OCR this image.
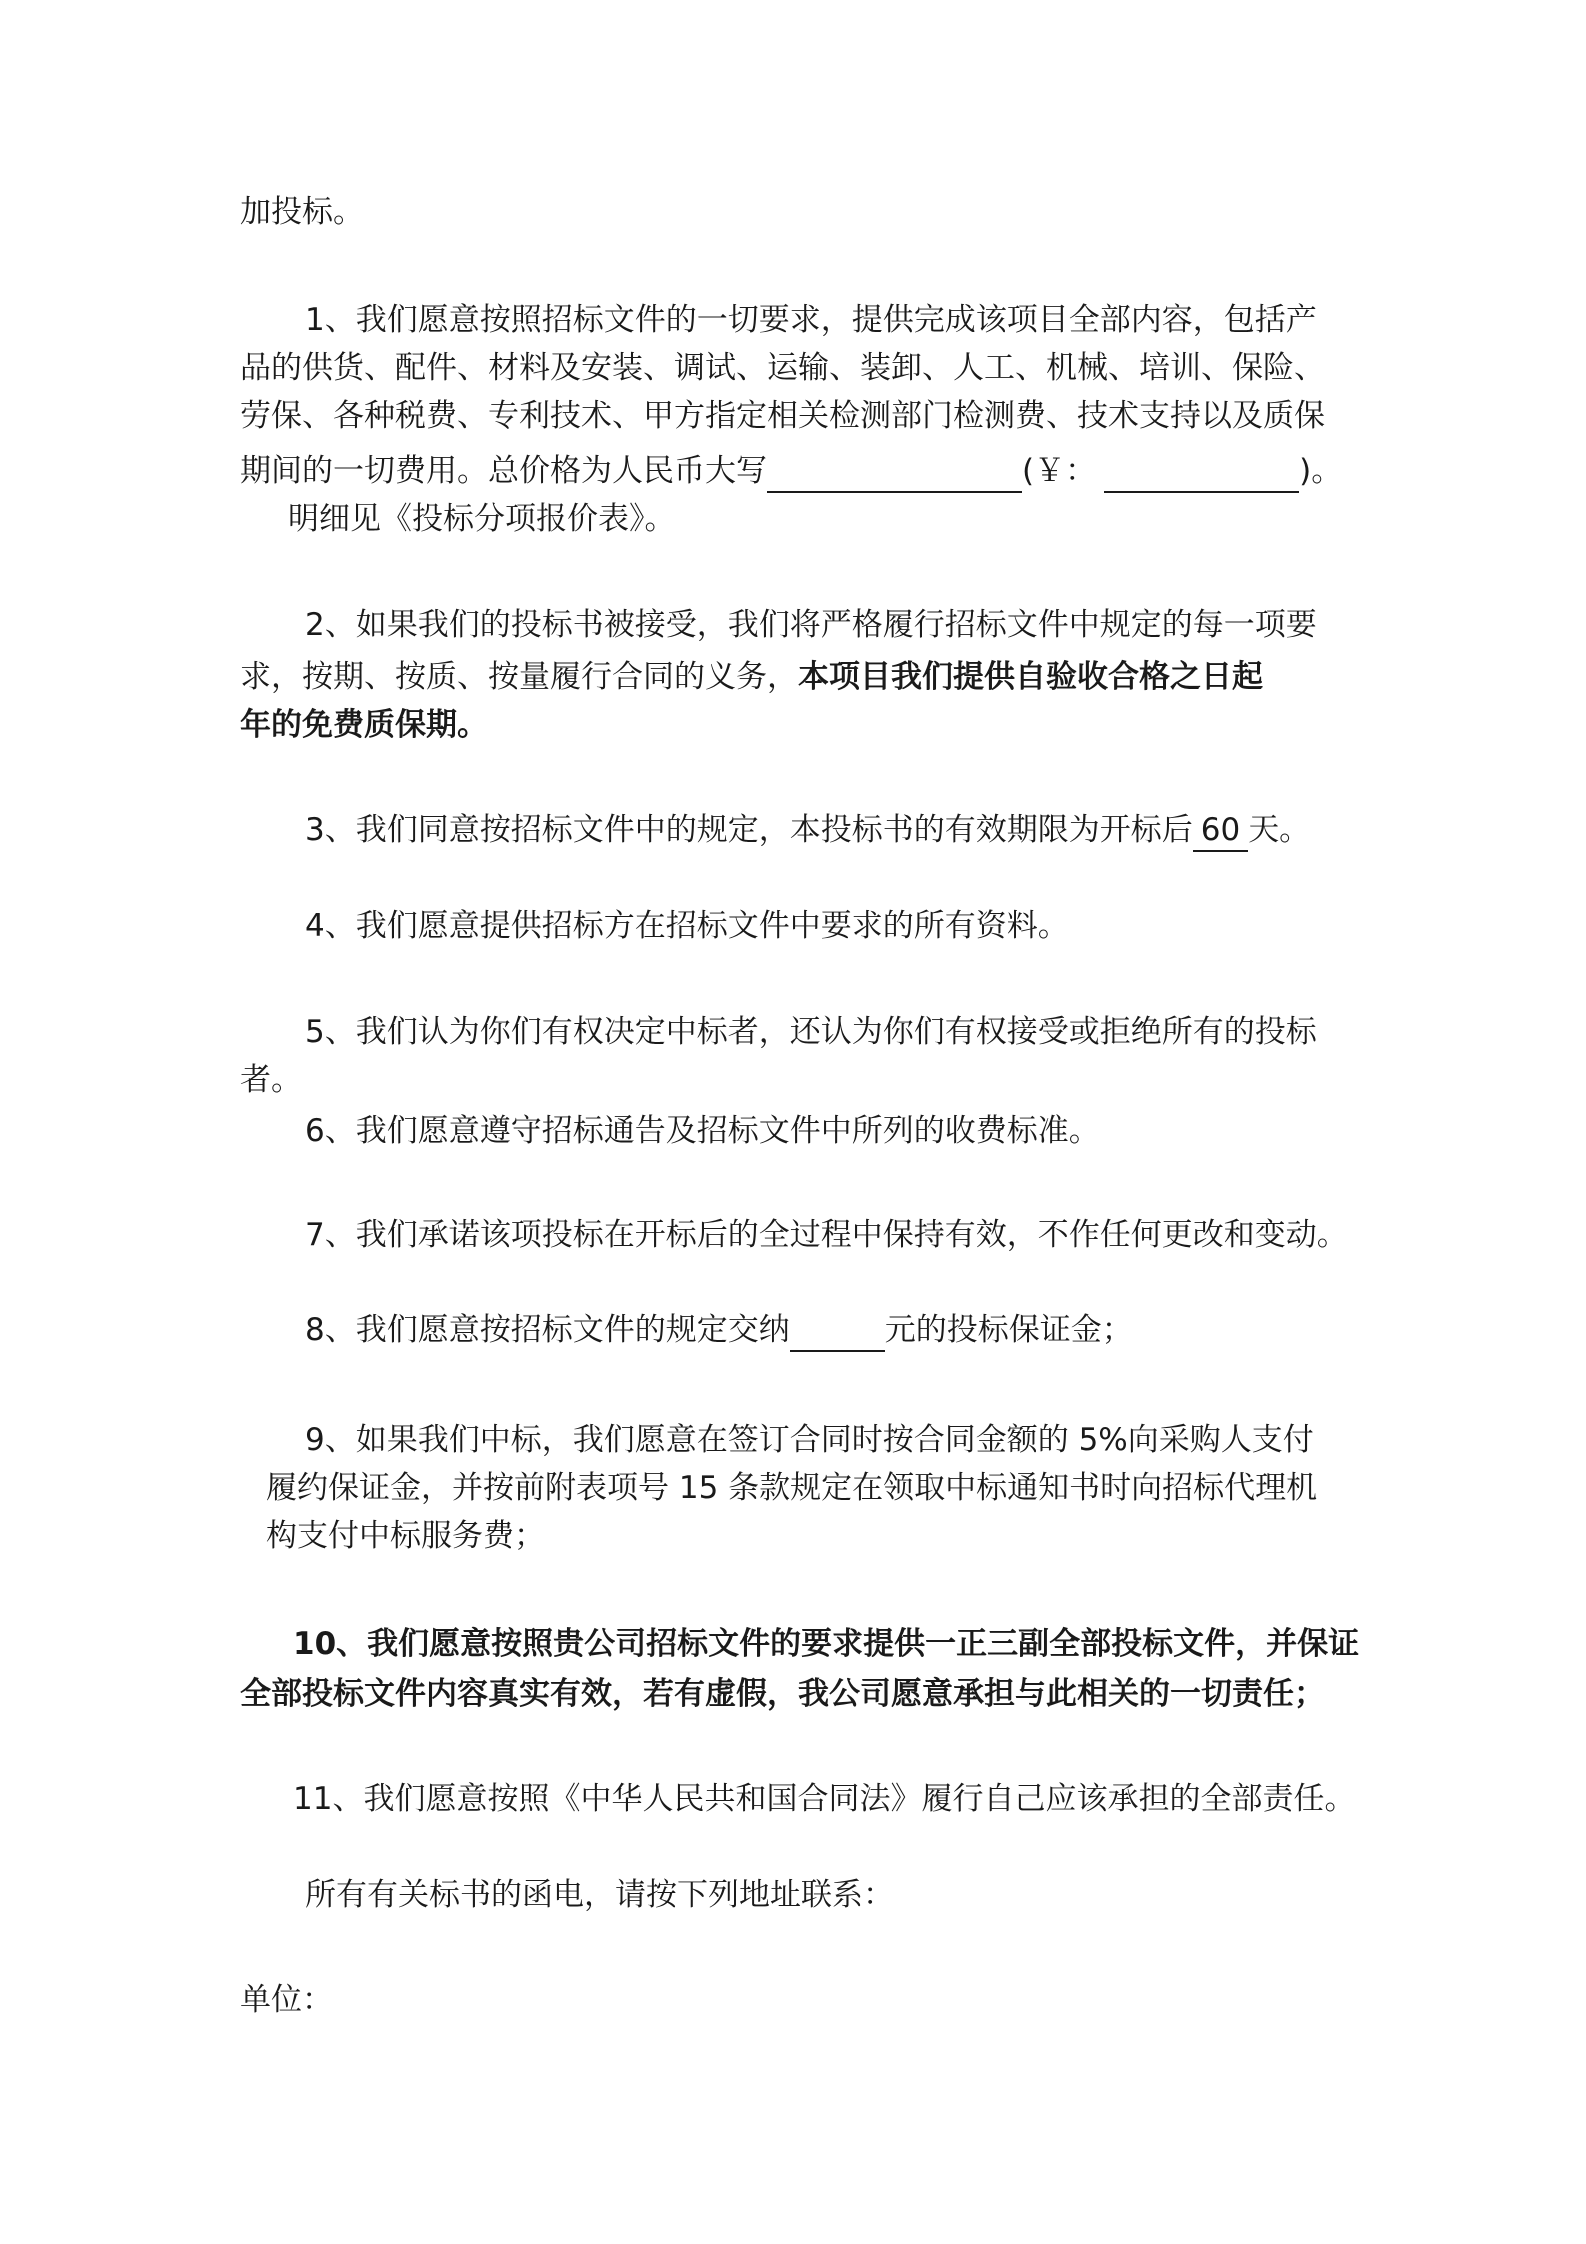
加投标。

1、我们愿意按照招标文件的一切要求，提供完成该项目全部内容，包括产

品的供货、配件、材料及安装、调试、运输、装卸、人工、机械、培训、保险、

劳保、各种税费、专利技术、甲方指定相关检测部门检测费、技术支持以及质保

期间的一切费用。总价格为人民币大写	(￥：	)。

明细见《投标分项报价表》。

2、如果我们的投标书被接受，我们将严格履行招标文件中规定的每一项要

求，按期、按质、按量履行合同的义务，本项目我们提供自验收合格之日起

年的免费质保期。

3、我们同意按招标文件中的规定，本投标书的有效期限为开标后 60 天。

4、我们愿意提供招标方在招标文件中要求的所有资料。

5、我们认为你们有权决定中标者，还认为你们有权接受或拒绝所有的投标

者。

6、我们愿意遵守招标通告及招标文件中所列的收费标准。

7、我们承诺该项投标在开标后的全过程中保持有效，不作任何更改和变动。

8、我们愿意按招标文件的规定交纳	元的投标保证金；

9、如果我们中标，我们愿意在签订合同时按合同金额的 5%向采购人支付

履约保证金，并按前附表项号 15 条款规定在领取中标通知书时向招标代理机

构支付中标服务费；

10、我们愿意按照贵公司招标文件的要求提供一正三副全部投标文件，并保证

全部投标文件内容真实有效，若有虚假，我公司愿意承担与此相关的一切责任；

11、我们愿意按照《中华人民共和国合同法》履行自己应该承担的全部责任。

所有有关标书的函电，请按下列地址联系：

单位：
